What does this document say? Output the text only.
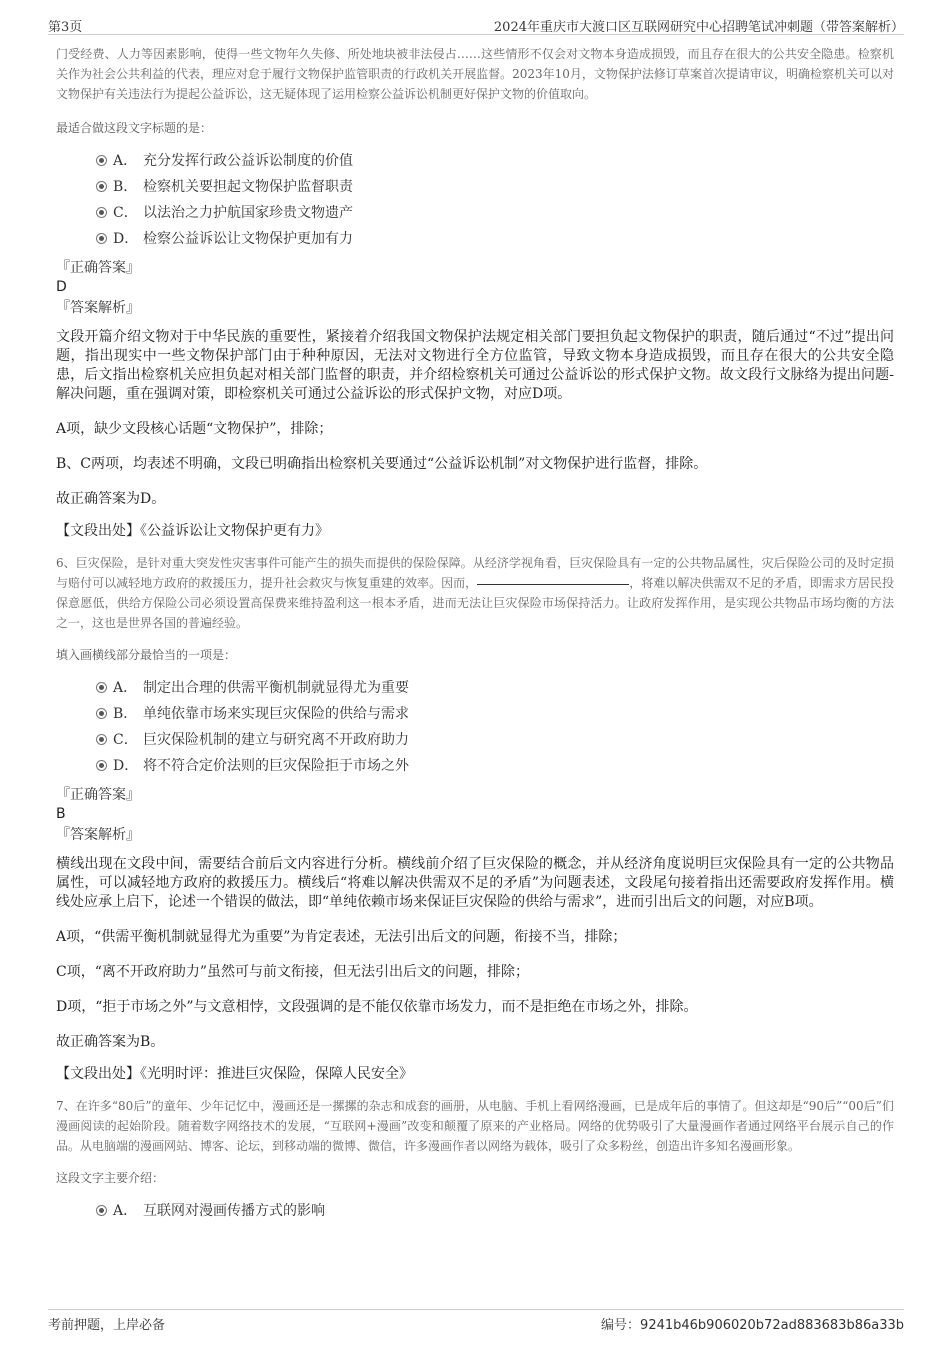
第3页	2024年重庆市大渡口区互联网研究中心招聘笔试冲刺题（带答案解析）

门受经费、人力等因素影响，使得一些文物年久失修、所处地块被非法侵占……这些情形不仅会对文物本身造成损毁，而且存在很大的公共安全隐患。检察机关作为社会公共利益的代表，理应对怠于履行文物保护监管职责的行政机关开展监督。2023年10月，文物保护法修订草案首次提请审议，明确检察机关可以对文物保护有关违法行为提起公益诉讼，这无疑体现了运用检察公益诉讼机制更好保护文物的价值取向。

最适合做这段文字标题的是：

A． 充分发挥行政公益诉讼制度的价值
B． 检察机关要担起文物保护监督职责
C． 以法治之力护航国家珍贵文物遗产
D． 检察公益诉讼让文物保护更加有力

『正确答案』

D

『答案解析』

文段开篇介绍文物对于中华民族的重要性，紧接着介绍我国文物保护法规定相关部门要担负起文物保护的职责，随后通过“不过”提出问题，指出现实中一些文物保护部门由于种种原因，无法对文物进行全方位监管，导致文物本身造成损毁，而且存在很大的公共安全隐患，后文指出检察机关应担负起对相关部门监督的职责，并介绍检察机关可通过公益诉讼的形式保护文物。故文段行文脉络为提出问题-解决问题，重在强调对策，即检察机关可通过公益诉讼的形式保护文物，对应D项。

A项，缺少文段核心话题“文物保护”，排除；

B、C两项，均表述不明确，文段已明确指出检察机关要通过“公益诉讼机制”对文物保护进行监督，排除。

故正确答案为D。

【文段出处】《公益诉讼让文物保护更有力》

6、巨灾保险，是针对重大突发性灾害事件可能产生的损失而提供的保险保障。从经济学视角看，巨灾保险具有一定的公共物品属性，灾后保险公司的及时定损与赔付可以减轻地方政府的救援压力，提升社会救灾与恢复重建的效率。因而，	，将难以解决供需双不足的矛盾，即需求方居民投保意愿低，供给方保险公司必须设置高保费来维持盈利这一根本矛盾，进而无法让巨灾保险市场保持活力。让政府发挥作用，是实现公共物品市场均衡的方法之一，这也是世界各国的普遍经验。

填入画横线部分最恰当的一项是：

A． 制定出合理的供需平衡机制就显得尤为重要
B． 单纯依靠市场来实现巨灾保险的供给与需求
C． 巨灾保险机制的建立与研究离不开政府助力
D． 将不符合定价法则的巨灾保险拒于市场之外

『正确答案』

B

『答案解析』

横线出现在文段中间，需要结合前后文内容进行分析。横线前介绍了巨灾保险的概念，并从经济角度说明巨灾保险具有一定的公共物品属性，可以减轻地方政府的救援压力。横线后“将难以解决供需双不足的矛盾”为问题表述，文段尾句接着指出还需要政府发挥作用。横线处应承上启下，论述一个错误的做法，即“单纯依赖市场来保证巨灾保险的供给与需求”，进而引出后文的问题，对应B项。

A项，“供需平衡机制就显得尤为重要”为肯定表述，无法引出后文的问题，衔接不当，排除；

C项，“离不开政府助力”虽然可与前文衔接，但无法引出后文的问题，排除；

D项，“拒于市场之外”与文意相悖，文段强调的是不能仅依靠市场发力，而不是拒绝在市场之外，排除。

故正确答案为B。

【文段出处】《光明时评：推进巨灾保险，保障人民安全》

7、在许多“80后”的童年、少年记忆中，漫画还是一摞摞的杂志和成套的画册，从电脑、手机上看网络漫画，已是成年后的事情了。但这却是“90后”“00后”们漫画阅读的起始阶段。随着数字网络技术的发展，“互联网+漫画”改变和颠覆了原来的产业格局。网络的优势吸引了大量漫画作者通过网络平台展示自己的作品。从电脑端的漫画网站、博客、论坛，到移动端的微博、微信，许多漫画作者以网络为载体，吸引了众多粉丝，创造出许多知名漫画形象。

这段文字主要介绍：

A． 互联网对漫画传播方式的影响
考前押题，上岸必备	编号：9241b46b906020b72ad883683b86a33b
